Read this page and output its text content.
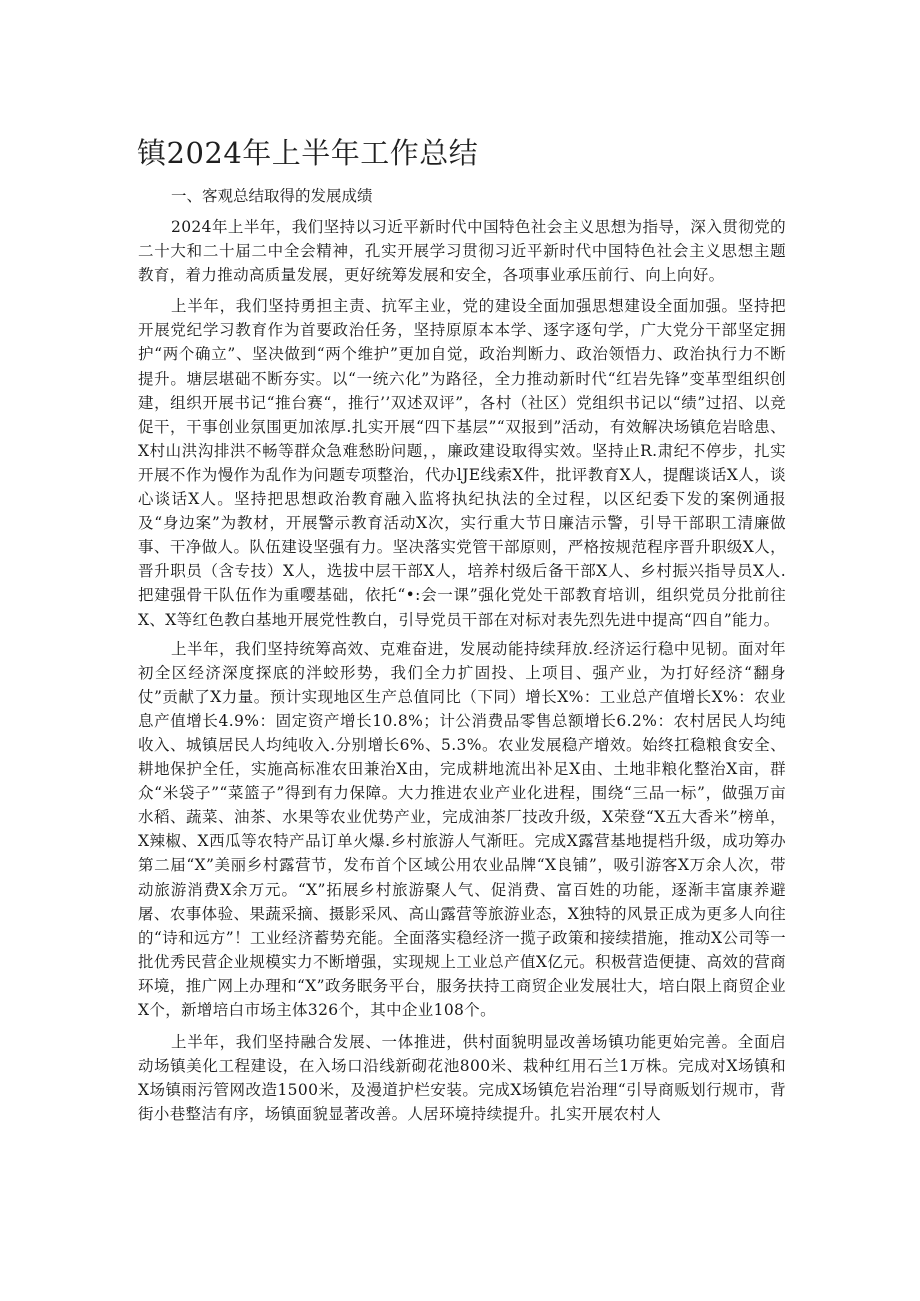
镇2024年上半年工作总结

一、客观总结取得的发展成绩

2024年上半年，我们坚持以习近平新时代中国特色社会主义思想为指导，深入贯彻党的二十大和二十届二中全会精神，孔实开展学习贯彻习近平新时代中国特色社会主义思想主题教育，着力推动高质量发展，更好统筹发展和安全，各项事业承压前行、向上向好。

上半年，我们坚持勇担主责、抗军主业，党的建设全面加强思想建设全面加强。坚持把开展党纪学习教育作为首要政治任务，坚持原原本本学、逐字逐句学，广大党分干部坚定拥护“两个确立”、坚决做到“两个维护”更加自觉，政治判断力、政治领悟力、政治执行力不断提升。塘层堪础不断夯实。以“一统六化”为路径，全力推动新时代“红岩先锋”变革型组织创建，组织开展书记“推台赛“，推行’’双述双评”，各村（社区）党组织书记以“绩”过招、以竞促干，干事创业氛围更加浓厚.扎实开展“四下基层”“双报到”活动，有效解决场镇危岩晗患、X村山洪沟排洪不畅等群众急难愁盼问题，，廉政建设取得实效。坚持止R.肃纪不停步，扎实开展不作为慢作为乱作为问题专项整治，代办lJE线索X件，批评教育X人，提醒谈话X人，谈心谈话X人。坚持把思想政治教育融入监将执纪执法的全过程，以区纪委下发的案例通报及“身边案”为教材，开展警示教育活动X次，实行重大节日廉洁示警，引导干部职工清廉做事、干净做人。队伍建设坚强有力。坚决落实党管干部原则，严格按规范程序晋升职级X人，晋升职员（含专技）X人，选拔中层干部X人，培养村级后备干部X人、乡村振兴指导员X人.把建强骨干队伍作为重嘤基础，依托“•:会一课”强化党处干部教育培训，组织党员分批前往X、X等红色教白基地开展党性教白，引导党员干部在对标对表先烈先进中提高“四自”能力。

上半年，我们坚持统筹高效、克难奋进，发展动能持续拜放.经济运行稳中见韧。面对年初全区经济深度探底的泮蛟形势，我们全力扩固投、上项目、强产业，为打好经济“翻身仗”贡献了X力量。预计实现地区生产总值同比（下同）增长X%：工业总产值增长X%：农业息产值增长4.9%：固定资产增长10.8%；计公消费品零售总额增长6.2%：农村居民人均纯收入、城镇居民人均纯收入.分别增长6%、5.3%。农业发展稳产增效。始终扛稳粮食安全、耕地保护全任，实施高标准农田兼治X由，完成耕地流出补足X由、土地非粮化整治X亩，群众“米袋子”“菜篮子”得到有力保障。大力推进农业产业化进程，围绕“三品一标”，做强万亩水稻、蔬菜、油茶、水果等农业优势产业，完成油茶厂技改升级，X荣登“X五大香米”榜单，X辣椒、X西瓜等农特产品订单火爆.乡村旅游人气渐旺。完成X露营基地提档升级，成功筹办第二届“X”美丽乡村露营节，发布首个区域公用农业品牌“X良铺”，吸引游客X万余人次，带动旅游消费X余万元。“X”拓展乡村旅游聚人气、促消费、富百姓的功能，逐渐丰富康养避屠、农事体验、果蔬采摘、摄影采风、高山露营等旅游业态，X独特的风景正成为更多人向往的“诗和远方”！工业经济蓄势充能。全面落实稳经济一揽子政策和接续措施，推动X公司等一批优秀民营企业规模实力不断增强，实现规上工业总产值X亿元。积极营造便捷、高效的营商环境，推广网上办理和“X”政务眠务平台，服务扶持工商贸企业发展壮大，培白限上商贸企业X个，新增培白市场主体326个，其中企业108个。

上半年，我们坚持融合发展、一体推进，供村面貌明显改善场镇功能更始完善。全面启动场镇美化工程建设，在入场口沿线新砌花池800米、栽种红用石兰1万株。完成对X场镇和X场镇雨污管网改造1500米，及漫道护栏安装。完成X场镇危岩治理“引导商贩划行规市，背街小巷整洁有序，场镇面貌显著改善。人居环境持续提升。扎实开展农村人
